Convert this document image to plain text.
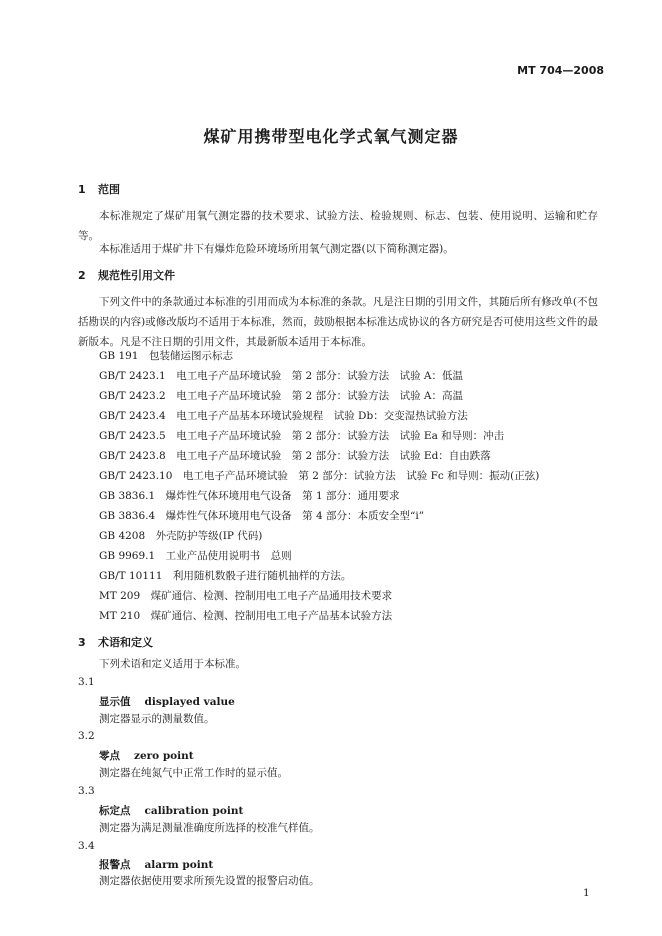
MT 704—2008
煤矿用携带型电化学式氧气测定器
1 范围
本标准规定了煤矿用氧气测定器的技术要求、试验方法、检验规则、标志、包装、使用说明、运输和贮存等。
本标准适用于煤矿井下有爆炸危险环境场所用氧气测定器(以下简称测定器)。
2 规范性引用文件
下列文件中的条款通过本标准的引用而成为本标准的条款。凡是注日期的引用文件，其随后所有修改单(不包括勘误的内容)或修改版均不适用于本标准，然而，鼓励根据本标准达成协议的各方研究是否可使用这些文件的最新版本。凡是不注日期的引用文件，其最新版本适用于本标准。
GB 191　包装储运图示标志
GB/T 2423.1　电工电子产品环境试验　第 2 部分：试验方法　试验 A：低温
GB/T 2423.2　电工电子产品环境试验　第 2 部分：试验方法　试验 A：高温
GB/T 2423.4　电工电子产品基本环境试验规程　试验 Db：交变湿热试验方法
GB/T 2423.5　电工电子产品环境试验　第 2 部分：试验方法　试验 Ea 和导则：冲击
GB/T 2423.8　电工电子产品环境试验　第 2 部分：试验方法　试验 Ed：自由跌落
GB/T 2423.10　电工电子产品环境试验　第 2 部分：试验方法　试验 Fc 和导则：振动(正弦)
GB 3836.1　爆炸性气体环境用电气设备　第 1 部分：通用要求
GB 3836.4　爆炸性气体环境用电气设备　第 4 部分：本质安全型“i”
GB 4208　外壳防护等级(IP 代码)
GB 9969.1　工业产品使用说明书　总则
GB/T 10111　利用随机数骰子进行随机抽样的方法。
MT 209　煤矿通信、检测、控制用电工电子产品通用技术要求
MT 210　煤矿通信、检测、控制用电工电子产品基本试验方法
3 术语和定义
下列术语和定义适用于本标准。
3.1
显示值 displayed value
测定器显示的测量数值。
3.2
零点 zero point
测定器在纯氮气中正常工作时的显示值。
3.3
标定点 calibration point
测定器为满足测量准确度所选择的校准气样值。
3.4
报警点 alarm point
测定器依据使用要求所预先设置的报警启动值。
1
